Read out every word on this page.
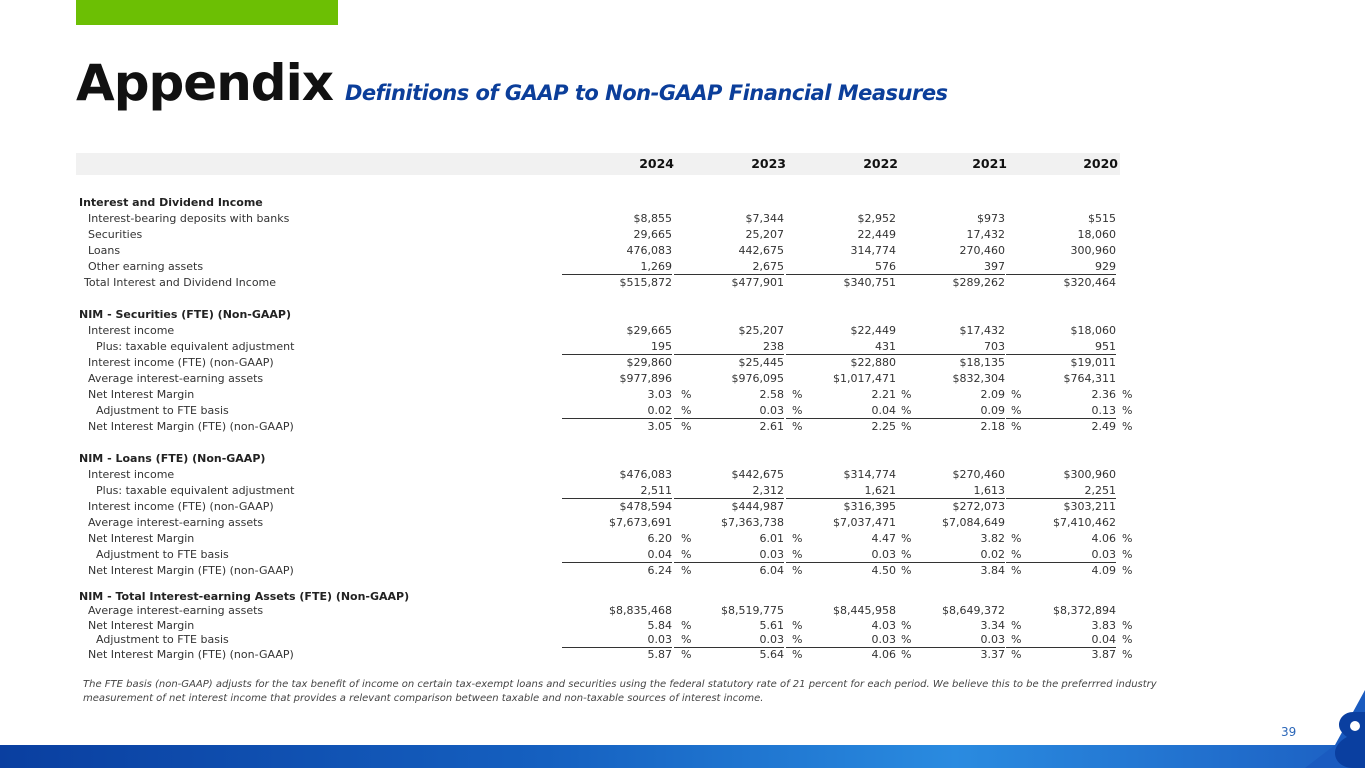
Appendix Definitions of GAAP to Non-GAAP Financial Measures
2024	2023	2022	2021	2020
Interest and Dividend Income
Interest-bearing deposits with banks	$8,855	$7,344	$2,952	$973	$515
Securities	29,665	25,207	22,449	17,432	18,060
Loans	476,083	442,675	314,774	270,460	300,960
Other earning assets	1,269	2,675	576	397	929
Total Interest and Dividend Income	$515,872	$477,901	$340,751	$289,262	$320,464
NIM - Securities (FTE) (Non-GAAP)
Interest income	$29,665	$25,207	$22,449	$17,432	$18,060
Plus: taxable equivalent adjustment	195	238	431	703	951
Interest income (FTE) (non-GAAP)	$29,860	$25,445	$22,880	$18,135	$19,011
Average interest-earning assets	$977,896	$976,095	$1,017,471	$832,304	$764,311
Net Interest Margin	3.03 %	2.58 %	2.21 %	2.09 %	2.36 %
Adjustment to FTE basis	0.02 %	0.03 %	0.04 %	0.09 %	0.13 %
Net Interest Margin (FTE) (non-GAAP)	3.05 %	2.61 %	2.25 %	2.18 %	2.49 %
NIM - Loans (FTE) (Non-GAAP)
Interest income	$476,083	$442,675	$314,774	$270,460	$300,960
Plus: taxable equivalent adjustment	2,511	2,312	1,621	1,613	2,251
Interest income (FTE) (non-GAAP)	$478,594	$444,987	$316,395	$272,073	$303,211
Average interest-earning assets	$7,673,691	$7,363,738	$7,037,471	$7,084,649	$7,410,462
Net Interest Margin	6.20 %	6.01 %	4.47 %	3.82 %	4.06 %
Adjustment to FTE basis	0.04 %	0.03 %	0.03 %	0.02 %	0.03 %
Net Interest Margin (FTE) (non-GAAP)	6.24 %	6.04 %	4.50 %	3.84 %	4.09 %
NIM - Total Interest-earning Assets (FTE) (Non-GAAP)
Average interest-earning assets	$8,835,468	$8,519,775	$8,445,958	$8,649,372	$8,372,894
Net Interest Margin	5.84 %	5.61 %	4.03 %	3.34 %	3.83 %
Adjustment to FTE basis	0.03 %	0.03 %	0.03 %	0.03 %	0.04 %
Net Interest Margin (FTE) (non-GAAP)	5.87 %	5.64 %	4.06 %	3.37 %	3.87 %
The FTE basis (non-GAAP) adjusts for the tax benefit of income on certain tax-exempt loans and securities using the federal statutory rate of 21 percent for each period. We believe this to be the preferrred industry measurement of net interest income that provides a relevant comparison between taxable and non-taxable sources of interest income.
39
